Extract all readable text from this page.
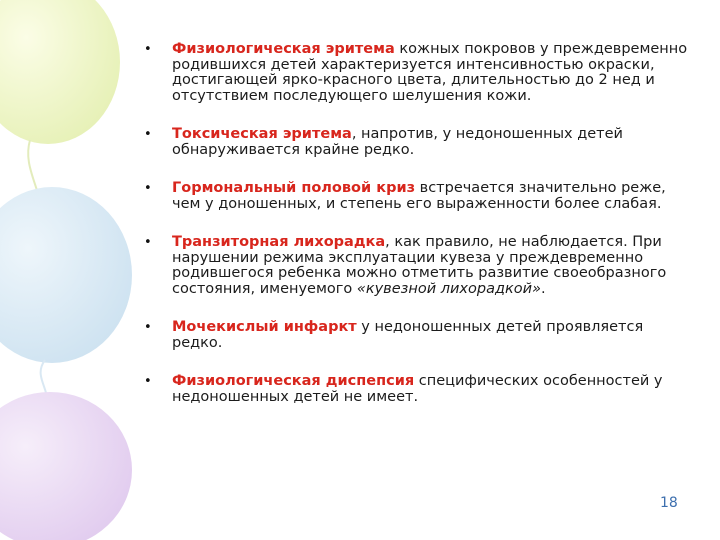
• Физиологическая эритема кожных покровов у преждевременно родившихся детей характеризуется интенсивностью окраски, достигающей ярко-красного цвета, длительностью до 2 нед и отсутствием последующего шелушения кожи.
• Токсическая эритема, напротив, у недоношенных детей обнаруживается крайне редко.
• Гормональный половой криз встречается значительно реже, чем у доношенных, и степень его выраженности более слабая.
• Транзиторная лихорадка, как правило, не наблюдается. При нарушении режима эксплуатации кувеза у преждевременно родившегося ребенка можно отметить развитие своеобразного состояния, именуемого «кувезной лихорадкой».
• Мочекислый инфаркт у недоношенных детей проявляется редко.
• Физиологическая диспепсия специфических особенностей у недоношенных детей не имеет.
18
